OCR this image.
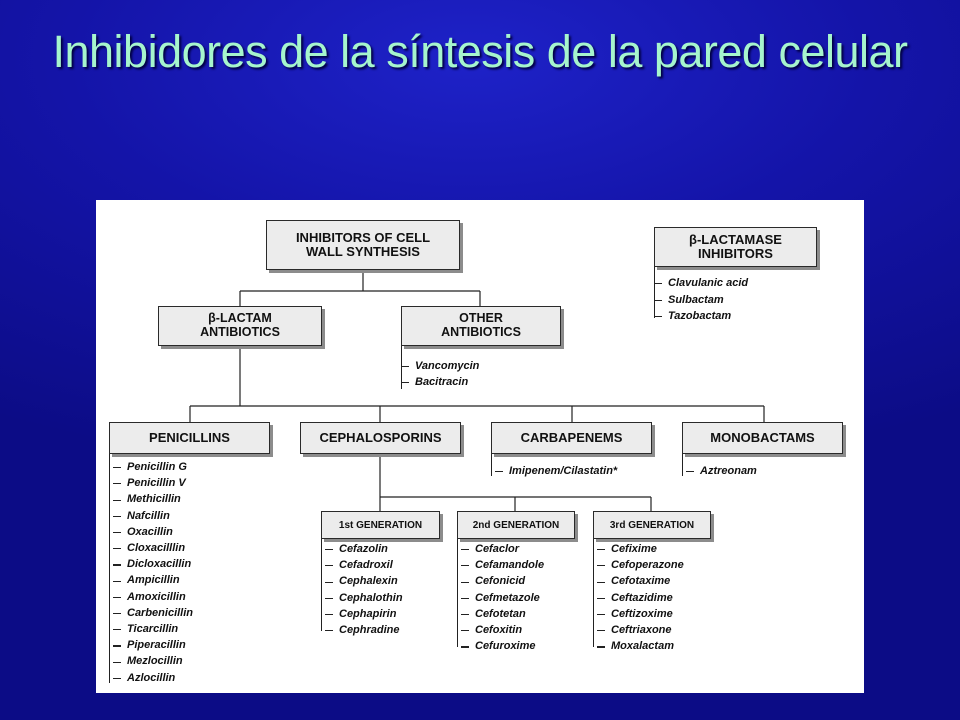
Inhibidores de la síntesis de la pared celular
INHIBITORS OF CELL
WALL SYNTHESIS
β-LACTAMASE
INHIBITORS
Clavulanic acid
Sulbactam
Tazobactam
β-LACTAM
ANTIBIOTICS
OTHER
ANTIBIOTICS
Vancomycin
Bacitracin
PENICILLINS
Penicillin G
Penicillin V
Methicillin
Nafcillin
Oxacillin
Cloxacilllin
Dicloxacillin
Ampicillin
Amoxicillin
Carbenicillin
Ticarcillin
Piperacillin
Mezlocillin
Azlocillin
CEPHALOSPORINS	CARBAPENEMS
Imipenem/Cilastatin*
MONOBACTAMS
Aztreonam
1st GENERATION
Cefazolin
Cefadroxil
Cephalexin
Cephalothin
Cephapirin
Cephradine
2nd GENERATION
Cefaclor
Cefamandole
Cefonicid
Cefmetazole
Cefotetan
Cefoxitin
Cefuroxime
3rd GENERATION
Cefixime
Cefoperazone
Cefotaxime
Ceftazidime
Ceftizoxime
Ceftriaxone
Moxalactam
